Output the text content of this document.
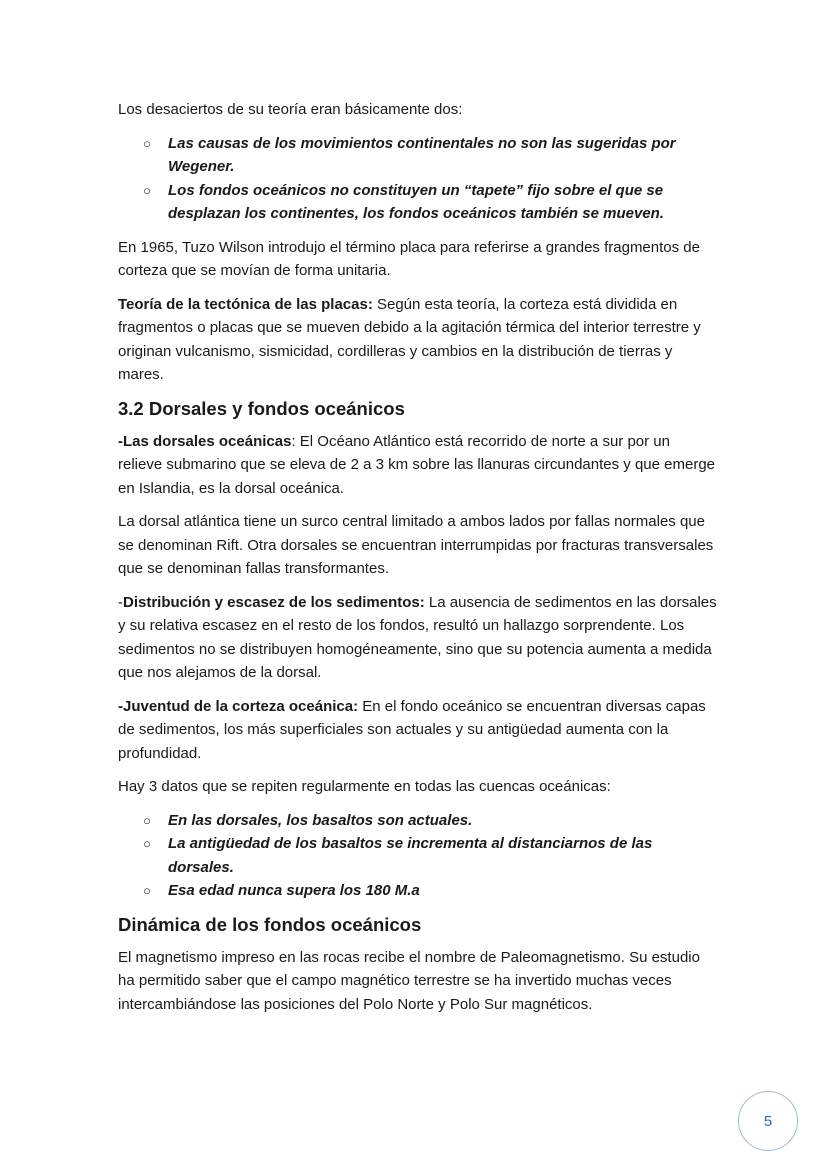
Los desaciertos de su teoría eran básicamente dos:

○ Las causas de los movimientos continentales no son las sugeridas por Wegener.
○ Los fondos oceánicos no constituyen un “tapete” fijo sobre el que se desplazan los continentes, los fondos oceánicos también se mueven.

En 1965, Tuzo Wilson introdujo el término placa para referirse a grandes fragmentos de corteza que se movían de forma unitaria.

Teoría de la tectónica de las placas: Según esta teoría, la corteza está dividida en fragmentos o placas que se mueven debido a la agitación térmica del interior terrestre y originan vulcanismo, sismicidad, cordilleras y cambios en la distribución de tierras y mares.

3.2 Dorsales y fondos oceánicos

-Las dorsales oceánicas: El Océano Atlántico está recorrido de norte a sur por un relieve submarino que se eleva de 2 a 3 km sobre las llanuras circundantes y que emerge en Islandia, es la dorsal oceánica.

La dorsal atlántica tiene un surco central limitado a ambos lados por fallas normales que se denominan Rift. Otra dorsales se encuentran interrumpidas por fracturas transversales que se denominan fallas transformantes.

-Distribución y escasez de los sedimentos: La ausencia de sedimentos en las dorsales y su relativa escasez en el resto de los fondos, resultó un hallazgo sorprendente. Los sedimentos no se distribuyen homogéneamente, sino que su potencia aumenta a medida que nos alejamos de la dorsal.

-Juventud de la corteza oceánica: En el fondo oceánico se encuentran diversas capas de sedimentos, los más superficiales son actuales y su antigüedad aumenta con la profundidad.

Hay 3 datos que se repiten regularmente en todas las cuencas oceánicas:

○ En las dorsales, los basaltos son actuales.
○ La antigüedad de los basaltos se incrementa al distanciarnos de las dorsales.
○ Esa edad nunca supera los 180 M.a
Dinámica de los fondos oceánicos

El magnetismo impreso en las rocas recibe el nombre de Paleomagnetismo. Su estudio ha permitido saber que el campo magnético terrestre se ha invertido muchas veces intercambiándose las posiciones del Polo Norte y Polo Sur magnéticos.

5
